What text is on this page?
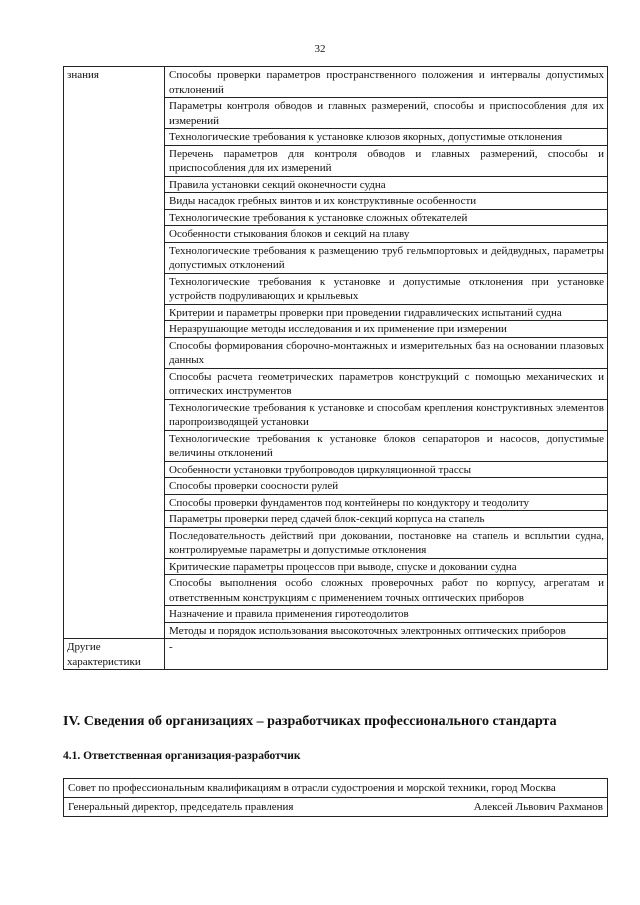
32
знания	Способы проверки параметров пространственного положения и интервалы допустимых отклонений
	Параметры контроля обводов и главных размерений, способы и приспособления для их измерений
	Технологические требования к установке клюзов якорных, допустимые отклонения
	Перечень параметров для контроля обводов и главных размерений, способы и приспособления для их измерений
	Правила установки секций оконечности судна
	Виды насадок гребных винтов и их конструктивные особенности
	Технологические требования к установке сложных обтекателей
	Особенности стыкования блоков и секций на плаву
	Технологические требования к размещению труб гельмпортовых и дейдвудных, параметры допустимых отклонений
	Технологические требования к установке и допустимые отклонения при установке устройств подруливающих и крыльевых
	Критерии и параметры проверки при проведении гидравлических испытаний судна
	Неразрушающие методы исследования и их применение при измерении
	Способы формирования сборочно-монтажных и измерительных баз на основании плазовых данных
	Способы расчета геометрических параметров конструкций с помощью механических и оптических инструментов
	Технологические требования к установке и способам крепления конструктивных элементов паропроизводящей установки
	Технологические требования к установке блоков сепараторов и насосов, допустимые величины отклонений
	Особенности установки трубопроводов циркуляционной трассы
	Способы проверки соосности рулей
	Способы проверки фундаментов под контейнеры по кондуктору и теодолиту
	Параметры проверки перед сдачей блок-секций корпуса на стапель
	Последовательность действий при доковании, постановке на стапель и всплытии судна, контролируемые параметры и допустимые отклонения
	Критические параметры процессов при выводе, спуске и доковании судна
	Способы выполнения особо сложных проверочных работ по корпусу, агрегатам и ответственным конструкциям с применением точных оптических приборов
	Назначение и правила применения гиротеодолитов
	Методы и порядок использования высокоточных электронных оптических приборов
Другие характеристики	-
IV. Сведения об организациях – разработчиках профессионального стандарта
4.1. Ответственная организация-разработчик
Совет по профессиональным квалификациям в отрасли судостроения и морской техники, город Москва

Генеральный директор, председатель правления	Алексей Львович Рахманов
